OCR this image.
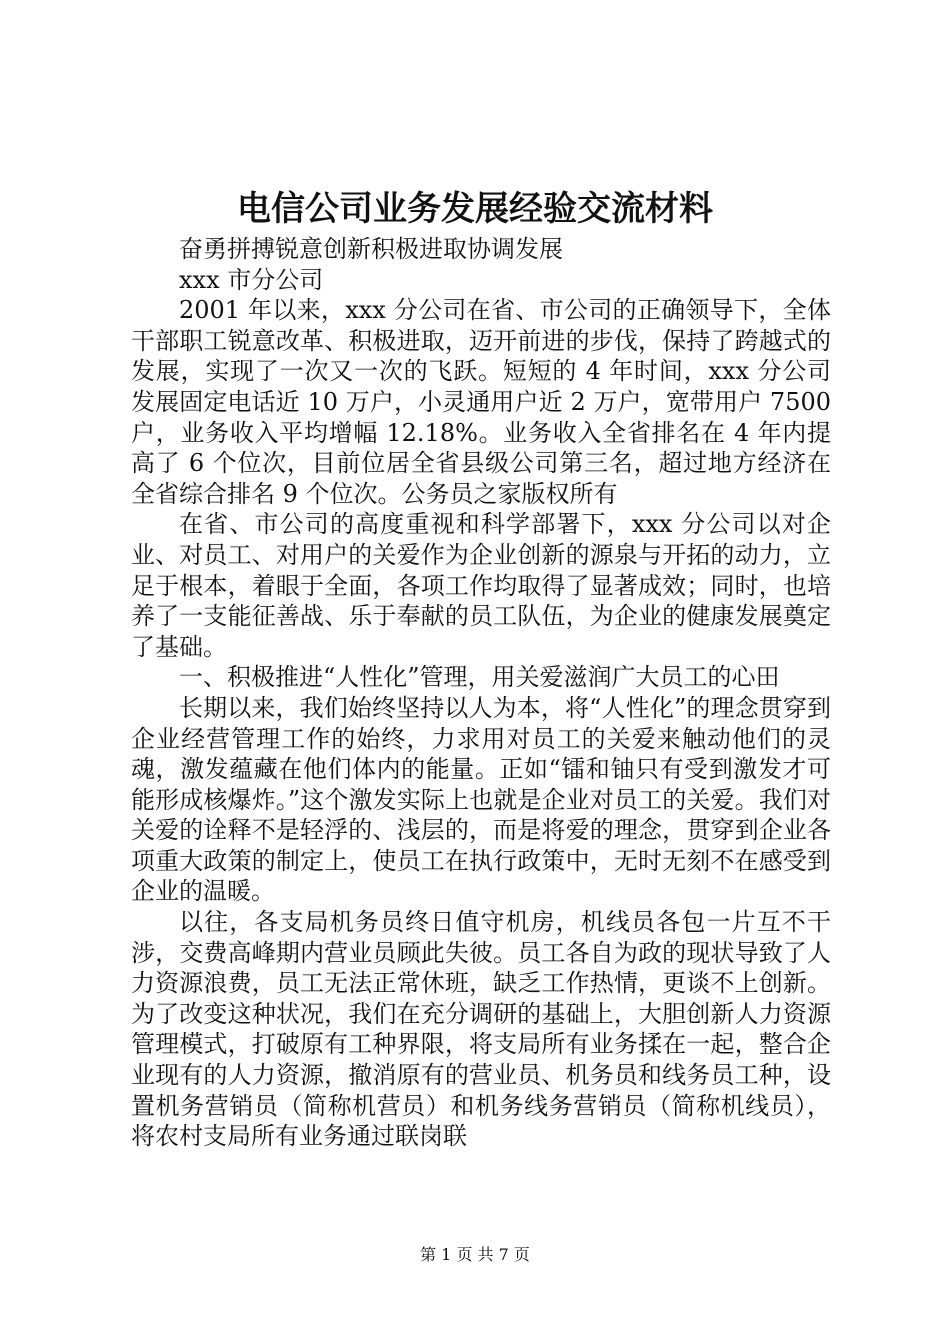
电信公司业务发展经验交流材料

奋勇拼搏锐意创新积极进取协调发展

xxx 市分公司

2001 年以来，xxx 分公司在省、市公司的正确领导下，全体干部职工锐意改革、积极进取，迈开前进的步伐，保持了跨越式的发展，实现了一次又一次的飞跃。短短的 4 年时间，xxx 分公司发展固定电话近 10 万户，小灵通用户近 2 万户，宽带用户 7500 户，业务收入平均增幅 12.18%。业务收入全省排名在 4 年内提高了 6 个位次，目前位居全省县级公司第三名，超过地方经济在全省综合排名 9 个位次。公务员之家版权所有

在省、市公司的高度重视和科学部署下，xxx 分公司以对企业、对员工、对用户的关爱作为企业创新的源泉与开拓的动力，立足于根本，着眼于全面，各项工作均取得了显著成效；同时，也培养了一支能征善战、乐于奉献的员工队伍，为企业的健康发展奠定了基础。

一、积极推进“人性化”管理，用关爱滋润广大员工的心田

长期以来，我们始终坚持以人为本，将“人性化”的理念贯穿到企业经营管理工作的始终，力求用对员工的关爱来触动他们的灵魂，激发蕴藏在他们体内的能量。正如“镭和铀只有受到激发才可能形成核爆炸。”这个激发实际上也就是企业对员工的关爱。我们对关爱的诠释不是轻浮的、浅层的，而是将爱的理念，贯穿到企业各项重大政策的制定上，使员工在执行政策中，无时无刻不在感受到企业的温暖。

以往，各支局机务员终日值守机房，机线员各包一片互不干涉，交费高峰期内营业员顾此失彼。员工各自为政的现状导致了人力资源浪费，员工无法正常休班，缺乏工作热情，更谈不上创新。为了改变这种状况，我们在充分调研的基础上，大胆创新人力资源管理模式，打破原有工种界限，将支局所有业务揉在一起，整合企业现有的人力资源，撤消原有的营业员、机务员和线务员工种，设置机务营销员（简称机营员）和机务线务营销员（简称机线员），将农村支局所有业务通过联岗联

第 1 页 共 7 页
